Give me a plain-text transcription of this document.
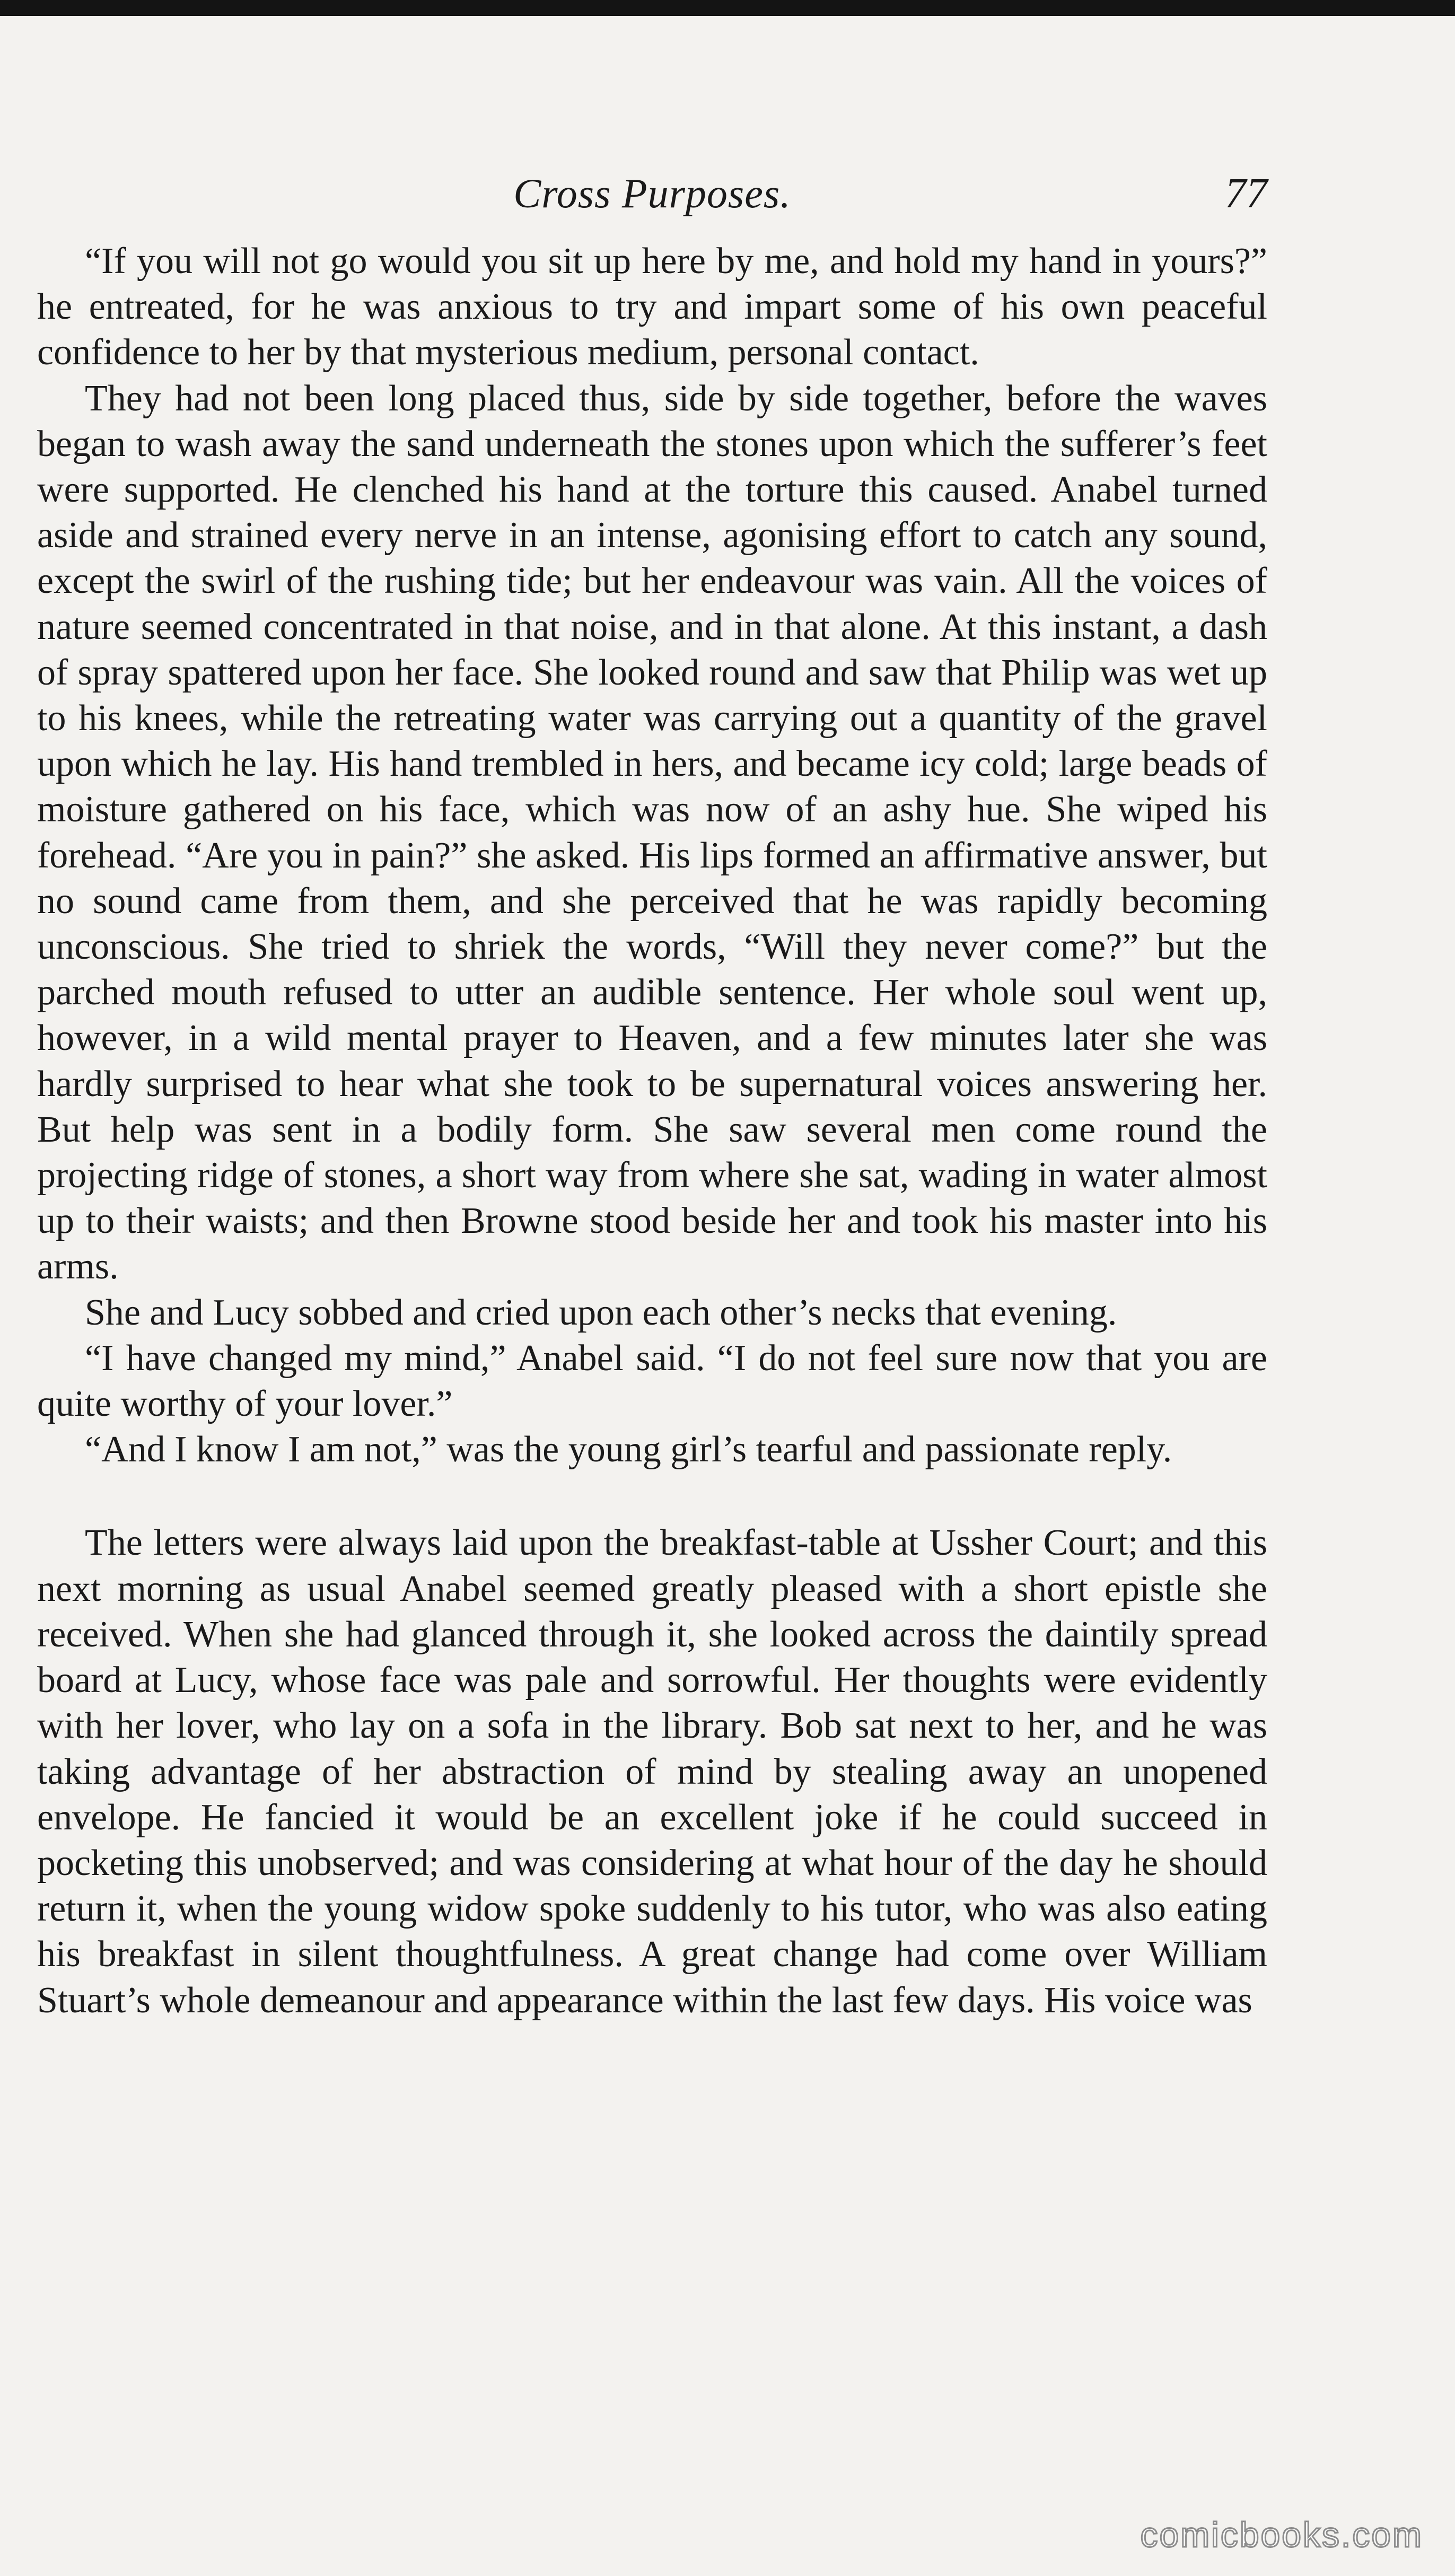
Cross Purposes.	77

“If you will not go would you sit up here by me, and hold my hand in yours?” he entreated, for he was anxious to try and impart some of his own peaceful confidence to her by that mysterious medium, personal contact.

They had not been long placed thus, side by side together, before the waves began to wash away the sand underneath the stones upon which the sufferer’s feet were supported. He clenched his hand at the torture this caused. Anabel turned aside and strained every nerve in an intense, agonising effort to catch any sound, except the swirl of the rushing tide; but her endeavour was vain. All the voices of nature seemed concentrated in that noise, and in that alone. At this instant, a dash of spray spattered upon her face. She looked round and saw that Philip was wet up to his knees, while the retreating water was carrying out a quantity of the gravel upon which he lay. His hand trembled in hers, and became icy cold; large beads of moisture gathered on his face, which was now of an ashy hue. She wiped his forehead. “Are you in pain?” she asked. His lips formed an affirmative answer, but no sound came from them, and she perceived that he was rapidly becoming unconscious. She tried to shriek the words, “Will they never come?” but the parched mouth refused to utter an audible sentence. Her whole soul went up, however, in a wild mental prayer to Heaven, and a few minutes later she was hardly surprised to hear what she took to be supernatural voices answering her. But help was sent in a bodily form. She saw several men come round the projecting ridge of stones, a short way from where she sat, wading in water almost up to their waists; and then Browne stood beside her and took his master into his arms.

She and Lucy sobbed and cried upon each other’s necks that evening.

“I have changed my mind,” Anabel said. “I do not feel sure now that you are quite worthy of your lover.”

“And I know I am not,” was the young girl’s tearful and passionate reply.

The letters were always laid upon the breakfast-table at Ussher Court; and this next morning as usual Anabel seemed greatly pleased with a short epistle she received. When she had glanced through it, she looked across the daintily spread board at Lucy, whose face was pale and sorrowful. Her thoughts were evidently with her lover, who lay on a sofa in the library. Bob sat next to her, and he was taking advantage of her abstraction of mind by stealing away an unopened envelope. He fancied it would be an excellent joke if he could succeed in pocketing this unobserved; and was considering at what hour of the day he should return it, when the young widow spoke suddenly to his tutor, who was also eating his breakfast in silent thoughtfulness. A great change had come over William Stuart’s whole demeanour and appearance within the last few days. His voice was

comicbooks.com
